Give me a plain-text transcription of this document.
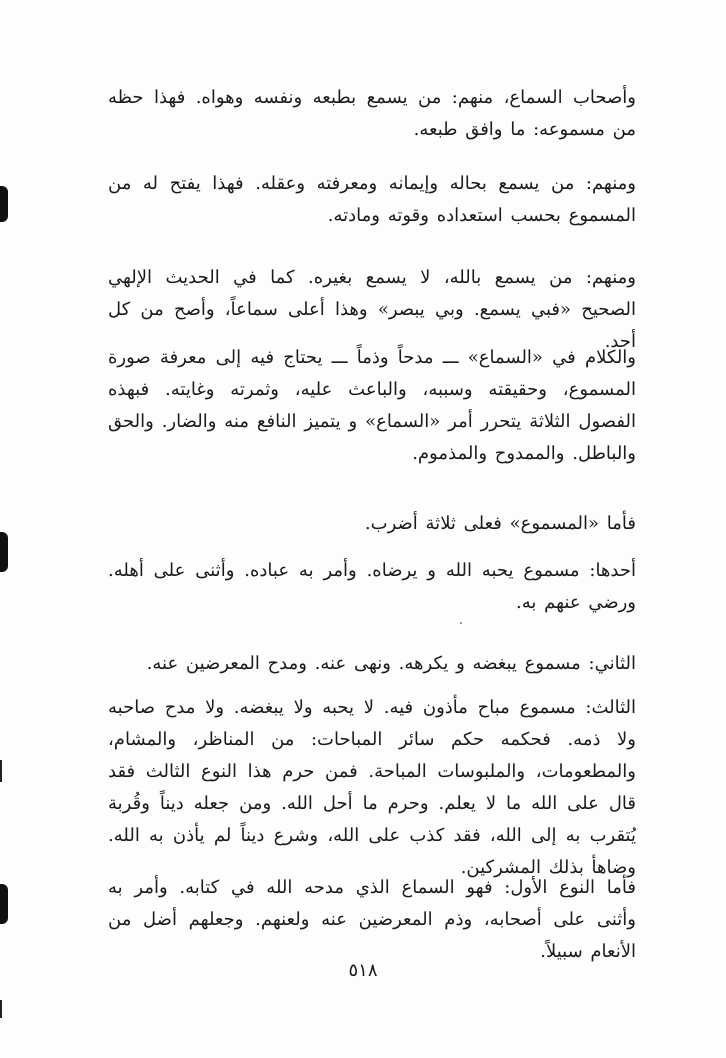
وأصحاب السماع، منهم: من يسمع بطبعه ونفسه وهواه. فهذا حظه من مسموعه: ما وافق طبعه.

ومنهم: من يسمع بحاله وإيمانه ومعرفته وعقله. فهذا يفتح له من المسموع بحسب استعداده وقوته ومادته.

ومنهم: من يسمع بالله، لا يسمع بغيره. كما في الحديث الإلهي الصحيح «فبي يسمع. وبي يبصر» وهذا أعلى سماعاً، وأصح من كل أحد.

والكلام في «السماع» ـــ مدحاً وذماً ـــ يحتاج فيه إلى معرفة صورة المسموع، وحقيقته وسببه، والباعث عليه، وثمرته وغايته. فبهذه الفصول الثلاثة يتحرر أمر «السماع» و يتميز النافع منه والضار. والحق والباطل. والممدوح والمذموم.

فأما «المسموع» فعلى ثلاثة أضرب.

أحدها: مسموع يحبه الله و يرضاه. وأمر به عباده. وأثنى على أهله. ورضي عنهم به.

الثاني: مسموع يبغضه و يكرهه. ونهى عنه. ومدح المعرضين عنه.

الثالث: مسموع مباح مأذون فيه. لا يحبه ولا يبغضه. ولا مدح صاحبه ولا ذمه. فحكمه حكم سائر المباحات: من المناظر، والمشام، والمطعومات، والملبوسات المباحة. فمن حرم هذا النوع الثالث فقد قال على الله ما لا يعلم. وحرم ما أحل الله. ومن جعله ديناً وقُربة يُتقرب به إلى الله، فقد كذب على الله، وشرع ديناً لم يأذن به الله. وضاهأ بذلك المشركين.

فأما النوع الأول: فهو السماع الذي مدحه الله في كتابه. وأمر به وأثنى على أصحابه، وذم المعرضين عنه ولعنهم. وجعلهم أضل من الأنعام سبيلاً.

٥١٨
